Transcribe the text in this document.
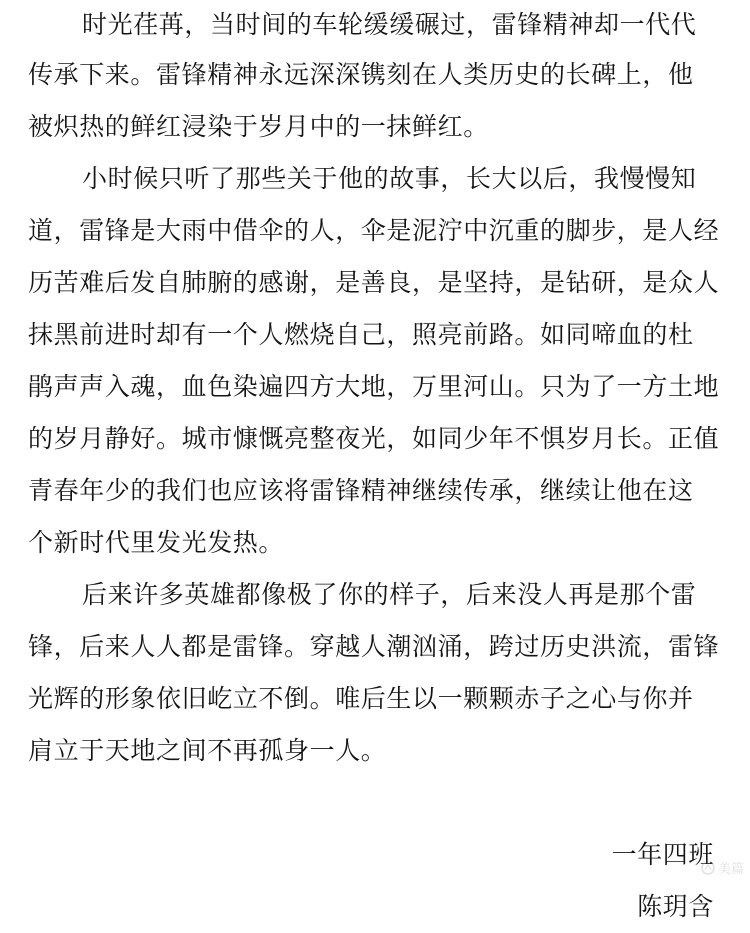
时光荏苒，当时间的车轮缓缓碾过，雷锋精神却一代代

传承下来。雷锋精神永远深深镌刻在人类历史的长碑上，他

被炽热的鲜红浸染于岁月中的一抹鲜红。

小时候只听了那些关于他的故事，长大以后，我慢慢知

道，雷锋是大雨中借伞的人，伞是泥泞中沉重的脚步，是人经

历苦难后发自肺腑的感谢，是善良，是坚持，是钻研，是众人

抹黑前进时却有一个人燃烧自己，照亮前路。如同啼血的杜

鹃声声入魂，血色染遍四方大地，万里河山。只为了一方土地

的岁月静好。城市慷慨亮整夜光，如同少年不惧岁月长。正值

青春年少的我们也应该将雷锋精神继续传承，继续让他在这

个新时代里发光发热。

后来许多英雄都像极了你的样子，后来没人再是那个雷

锋，后来人人都是雷锋。穿越人潮汹涌，跨过历史洪流，雷锋

光辉的形象依旧屹立不倒。唯后生以一颗颗赤子之心与你并

肩立于天地之间不再孤身一人。

一年四班

陈玥含

美篇
